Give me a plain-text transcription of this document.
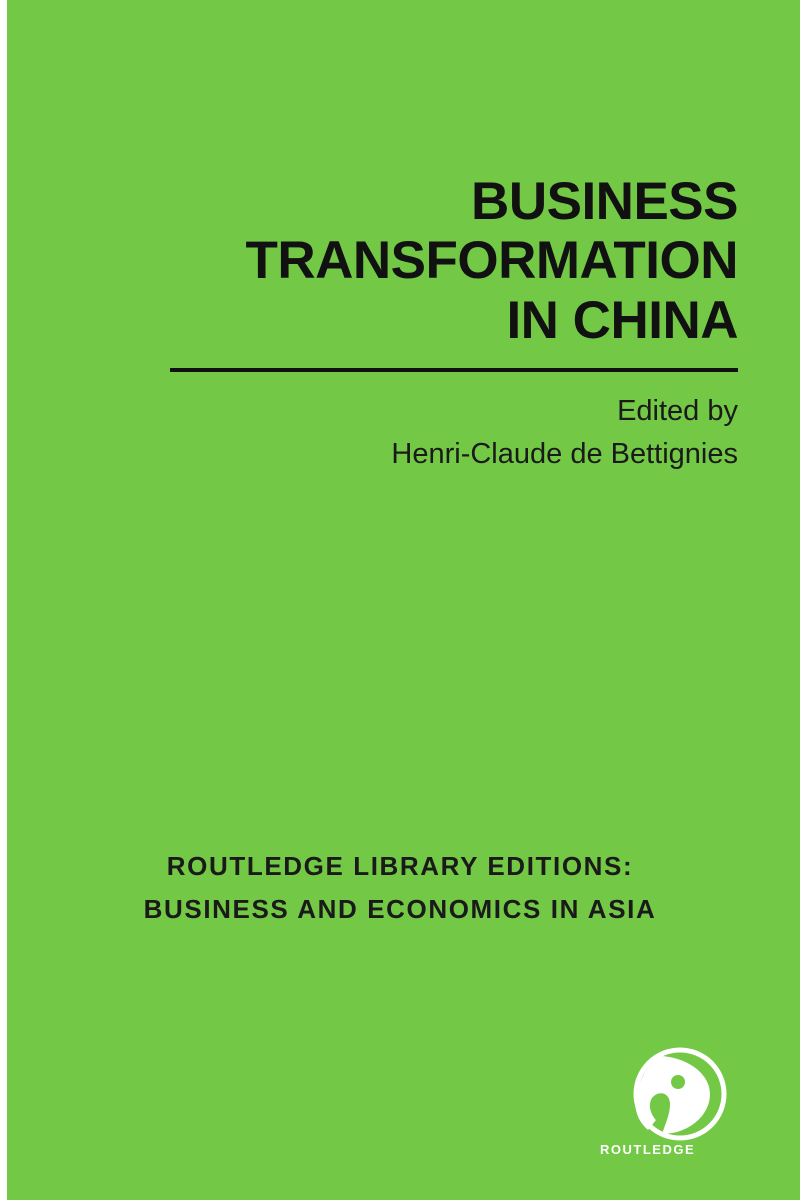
BUSINESS
TRANSFORMATION
IN CHINA
Edited by
Henri-Claude de Bettignies
ROUTLEDGE LIBRARY EDITIONS:
BUSINESS AND ECONOMICS IN ASIA
ROUTLEDGE
